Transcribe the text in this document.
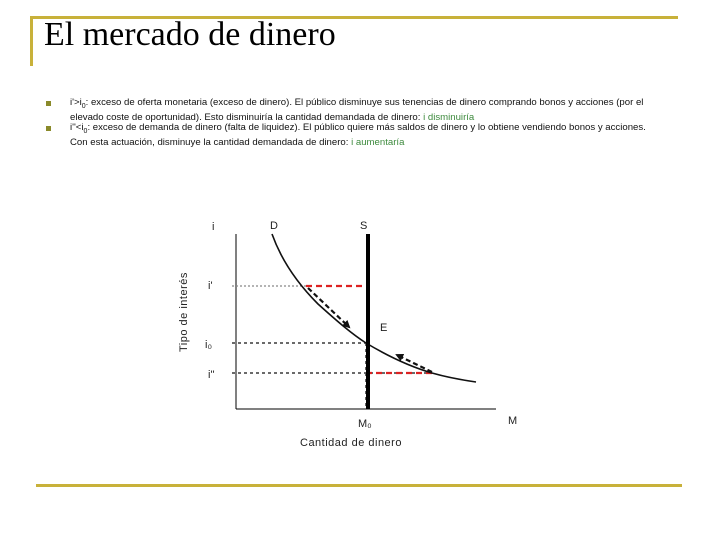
El mercado de dinero
$i'>i_0$: exceso de oferta monetaria (exceso de dinero). El público disminuye sus tenencias de dinero comprando bonos y acciones (por el elevado coste de oportunidad). Esto disminuiría la cantidad demandada de dinero: i disminuiría
$i''<i_0$: exceso de demanda de dinero (falta de liquidez). El público quiere más saldos de dinero y lo obtiene vendiendo bonos y acciones. Con esta actuación, disminuye la cantidad demandada de dinero: i aumentaría
i	D	S
i'
E
i₀
i''
M₀	M
Cantidad de dinero
Tipo de interés
